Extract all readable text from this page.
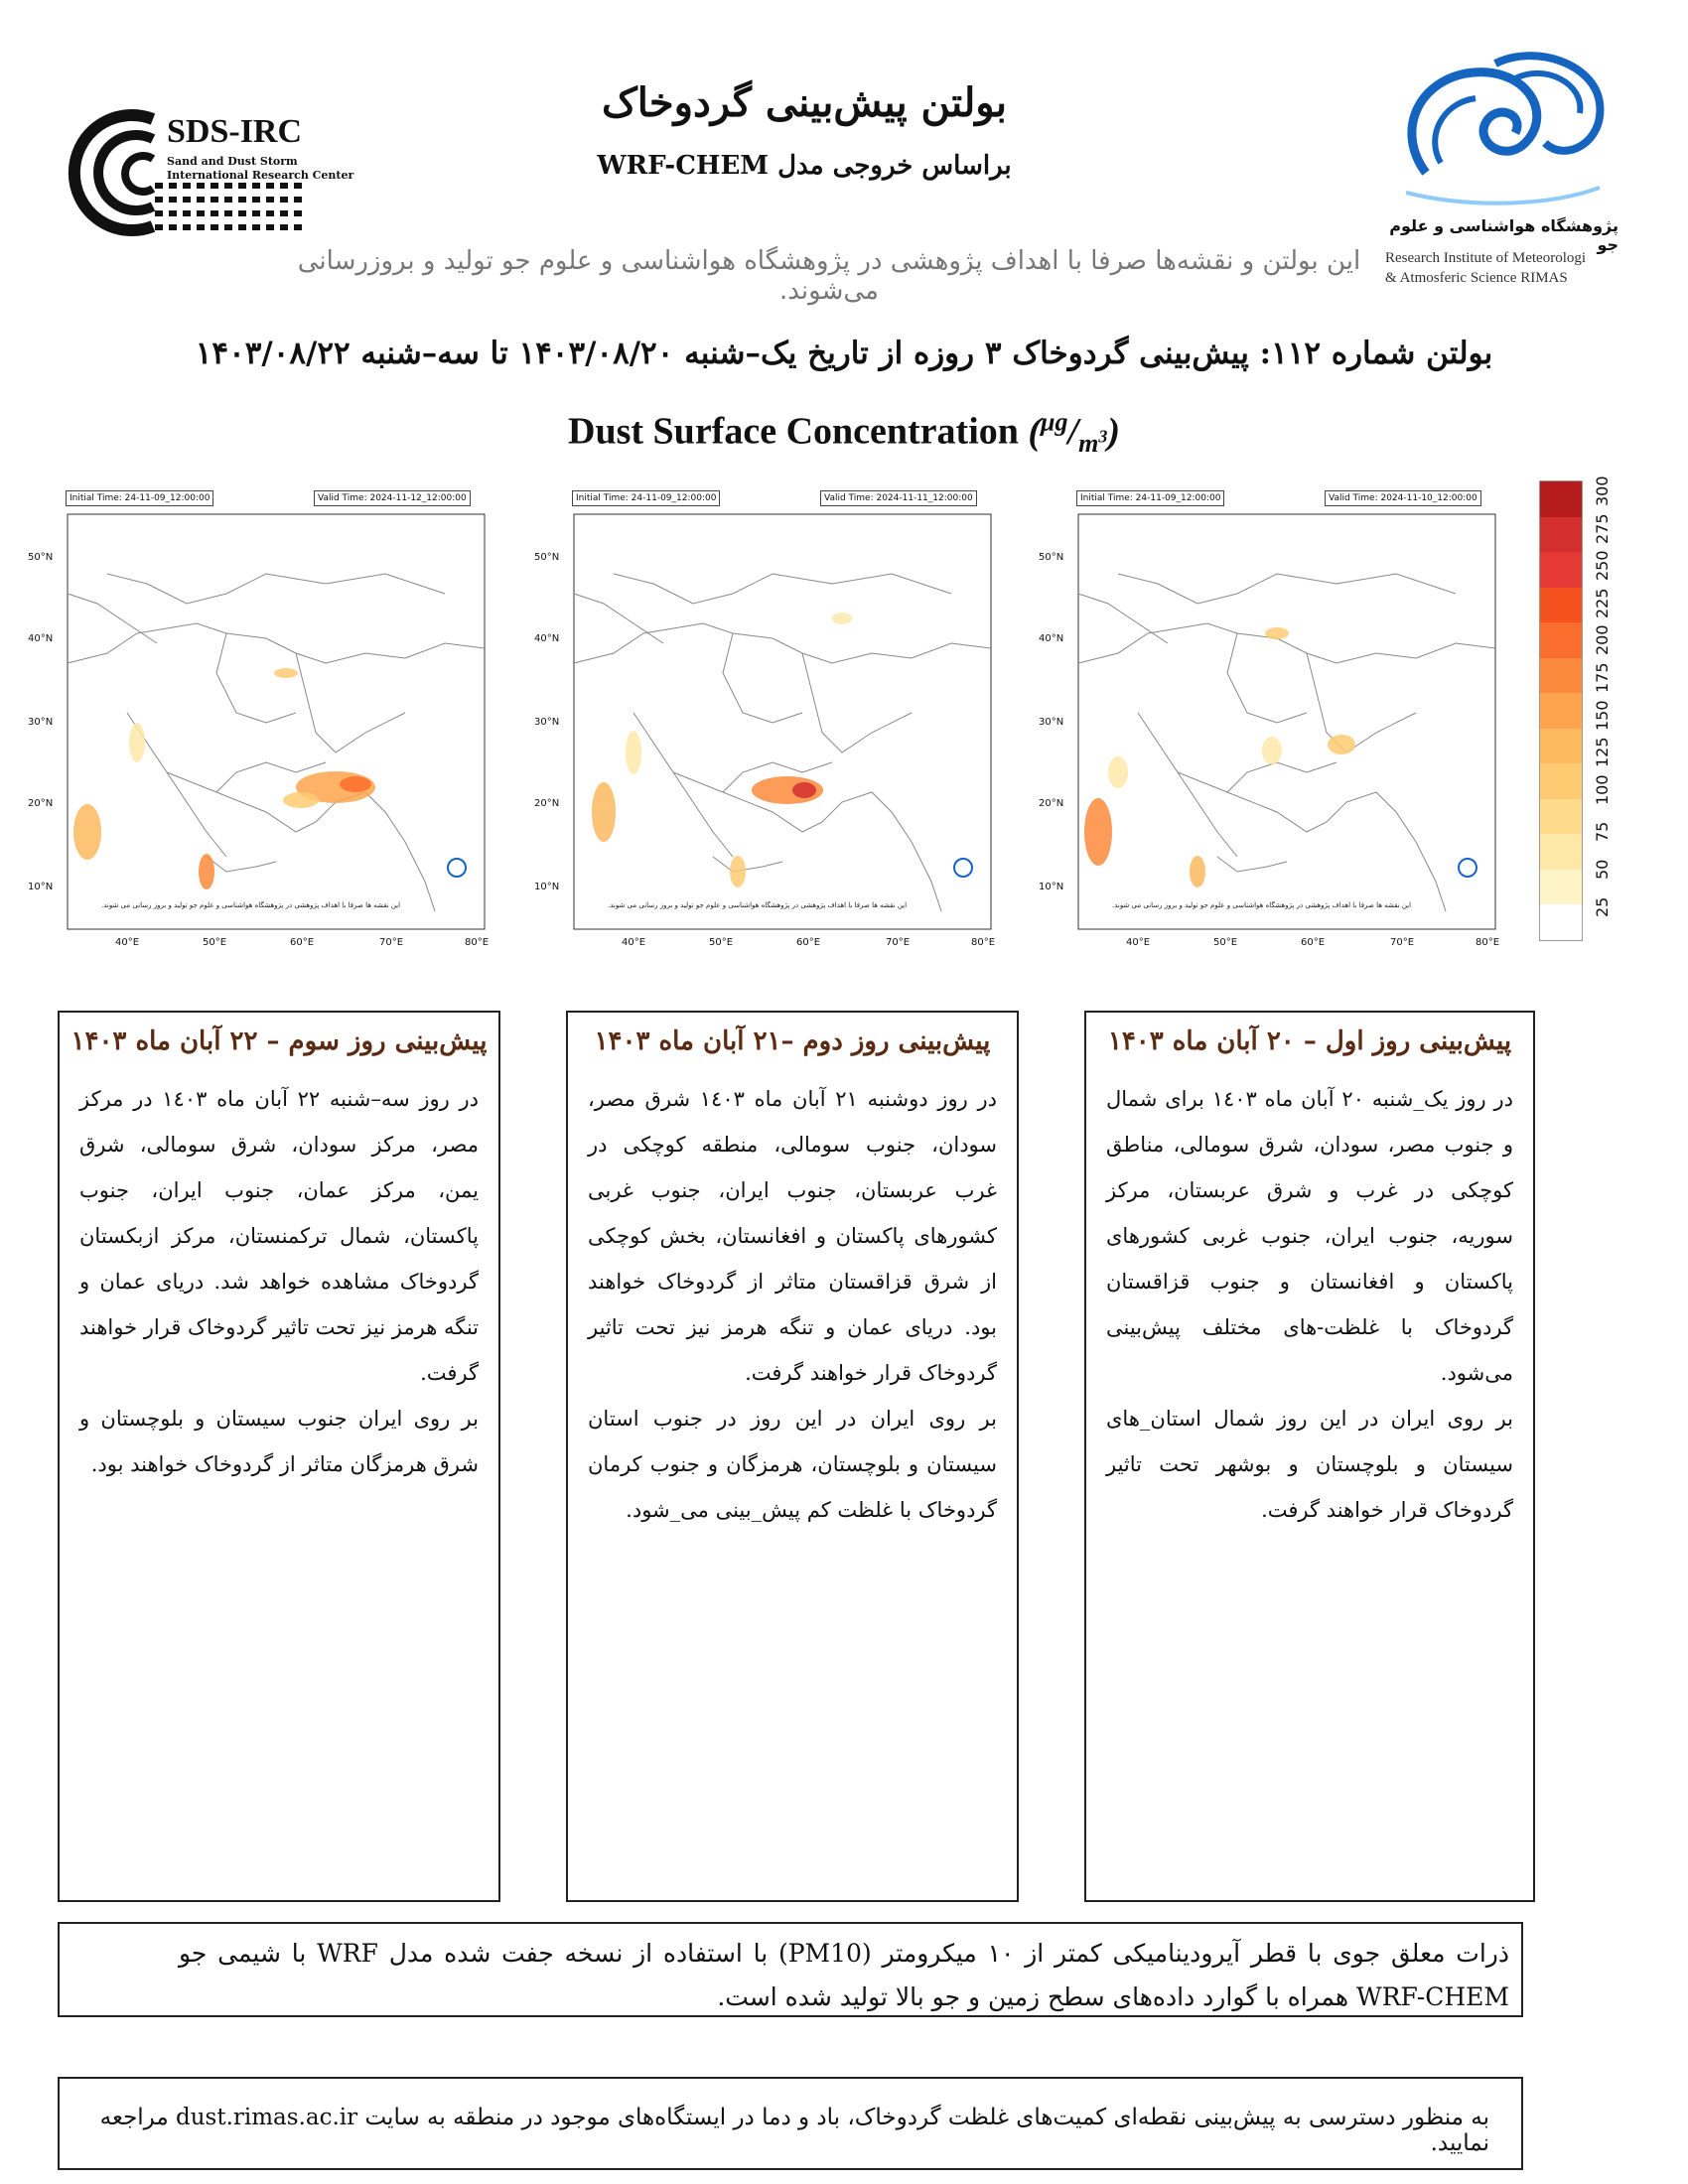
بولتن پیش‌بینی گردوخاک
براساس خروجی مدل WRF-CHEM
این بولتن و نقشه‌ها صرفا با اهداف پژوهشی در پژوهشگاه هواشناسی و علوم جو تولید و بروزرسانی می‌شوند.
بولتن شماره ۱۱۲: پیش‌بینی گردوخاک ۳ روزه از تاریخ یک–شنبه ۱۴۰۳/۰۸/۲۰ تا سه–شنبه ۱۴۰۳/۰۸/۲۲
SDS-IRC
Sand and Dust Storm
International Research Center
پژوهشگاه هواشناسی و علوم جو
Research Institute of Meteorologi
& Atmosferic Science RIMAS
Dust Surface Concentration $(^{\mu g}/_{m^3})$
Initial Time: 24-11-09_12:00:00	Valid Time: 2024-11-12_12:00:00
50°N
40°N
30°N
20°N
10°N
40°E	50°E	60°E	70°E	80°E
این نقشه ها صرفا با اهداف پژوهشی در پژوهشگاه هواشناسی و علوم جو تولید و بروز رسانی می شوند.
Initial Time: 24-11-09_12:00:00	Valid Time: 2024-11-11_12:00:00
50°N
40°N
30°N
20°N
10°N
40°E	50°E	60°E	70°E	80°E
این نقشه ها صرفا با اهداف پژوهشی در پژوهشگاه هواشناسی و علوم جو تولید و بروز رسانی می شوند.
Initial Time: 24-11-09_12:00:00	Valid Time: 2024-11-10_12:00:00
50°N
40°N
30°N
20°N
10°N
40°E	50°E	60°E	70°E	80°E
این نقشه ها صرفا با اهداف پژوهشی در پژوهشگاه هواشناسی و علوم جو تولید و بروز رسانی می شوند.
300
275
250
225
200
175
150
125
100
75
50
25
پیش‌بینی روز سوم – ۲۲ آبان ماه ۱۴۰۳

در روز سه–شنبه ۲۲ آبان ماه ۱٤٠۳ در مرکز مصر، مرکز سودان، شرق سومالی، شرق یمن، مرکز عمان، جنوب ایران، جنوب پاکستان، شمال ترکمنستان، مرکز ازبکستان گردوخاک مشاهده خواهد شد. دریای عمان و تنگه هرمز نیز تحت تاثیر گردوخاک قرار خواهند گرفت.

بر روی ایران جنوب سیستان و بلوچستان و شرق هرمزگان متاثر از گردوخاک خواهند بود.

پیش‌بینی روز دوم –۲۱ آبان ماه ۱۴۰۳

در روز دوشنبه ۲۱ آبان ماه ۱٤٠۳ شرق مصر، سودان، جنوب سومالی، منطقه کوچکی در غرب عربستان، جنوب ایران، جنوب غربی کشورهای پاکستان و افغانستان، بخش کوچکی از شرق قزاقستان متاثر از گردوخاک خواهند بود. دریای عمان و تنگه هرمز نیز تحت تاثیر گردوخاک قرار خواهند گرفت.

بر روی ایران در این روز در جنوب استان سیستان و بلوچستان، هرمزگان و جنوب کرمان گردوخاک با غلظت کم پیش_بینی می_شود.

پیش‌بینی روز اول – ۲۰ آبان ماه ۱۴۰۳

در روز یک_شنبه ۲۰ آبان ماه ۱٤٠۳ برای شمال و جنوب مصر، سودان، شرق سومالی، مناطق کوچکی در غرب و شرق عربستان، مرکز سوریه، جنوب ایران، جنوب غربی کشورهای پاکستان و افغانستان و جنوب قزاقستان گردوخاک با غلظت-های مختلف پیش‌بینی می‌شود.

بر روی ایران در این روز شمال استان_های سیستان و بلوچستان و بوشهر تحت تاثیر گردوخاک قرار خواهند گرفت.

ذرات معلق جوی با قطر آیرودینامیکی کمتر از ۱۰ میکرومتر (PM10) با استفاده از نسخه جفت شده مدل WRF با شیمی جو WRF-CHEM همراه با گوارد داده‌های سطح زمین و جو بالا تولید شده است.
به منظور دسترسی به پیش‌بینی نقطه‌ای کمیت‌های غلظت گردوخاک، باد و دما در ایستگاه‌های موجود در منطقه به سایت dust.rimas.ac.ir مراجعه نمایید.
